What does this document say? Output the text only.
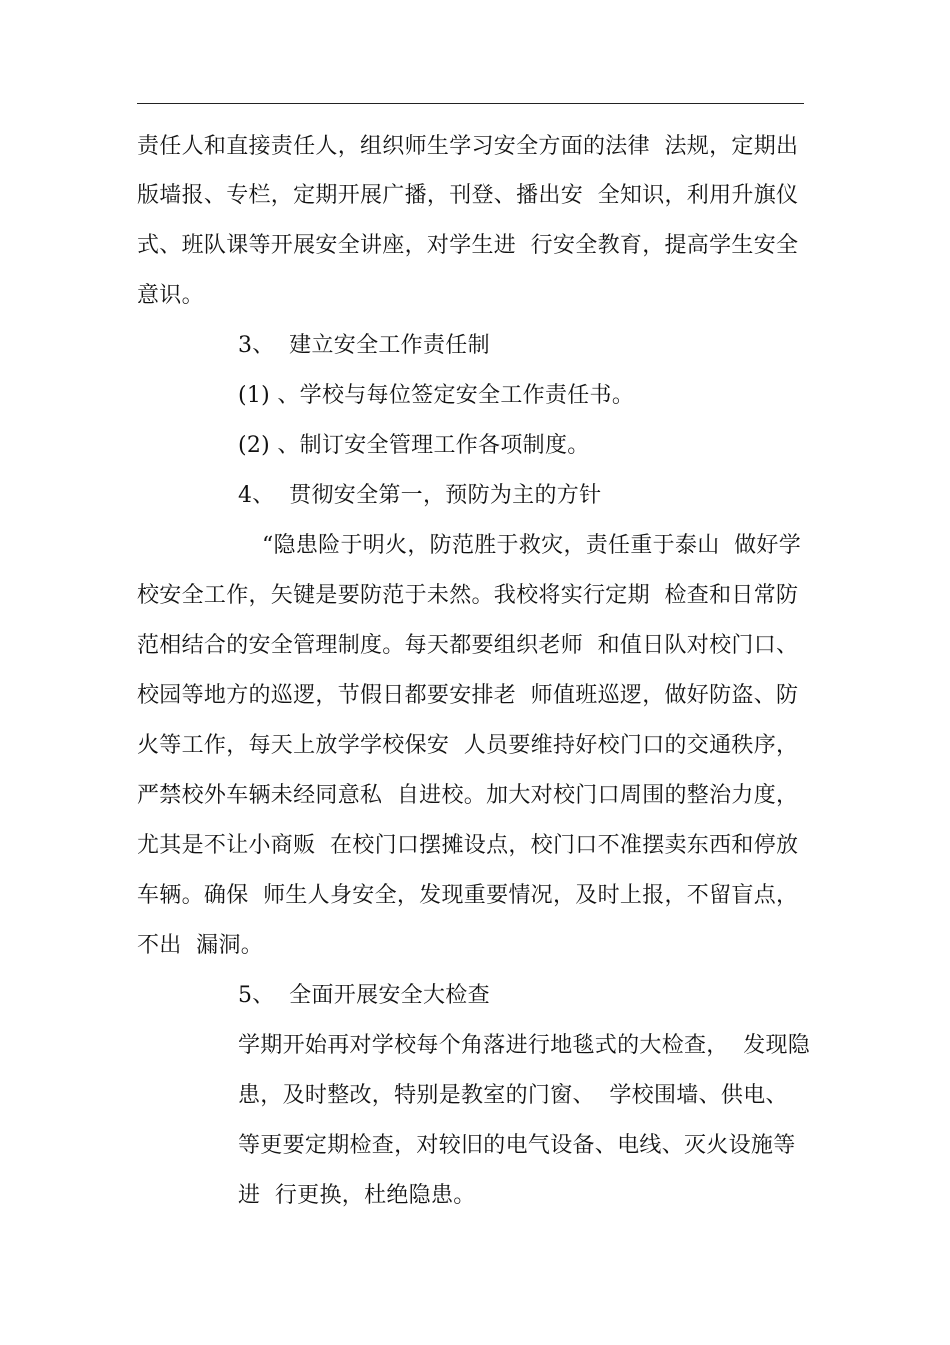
责任人和直接责任人，组织师生学习安全方面的法律  法规，定期出
版墙报、专栏，定期开展广播，刊登、播出安  全知识，利用升旗仪
式、班队课等开展安全讲座，对学生进  行安全教育，提高学生安全
意识。
3、  建立安全工作责任制
(1) 、学校与每位签定安全工作责任书。
(2) 、制订安全管理工作各项制度。
4、  贯彻安全第一，预防为主的方针
“隐患险于明火，防范胜于救灾，责任重于泰山  做好学
校安全工作，矢键是要防范于未然。我校将实行定期  检查和日常防
范相结合的安全管理制度。每天都要组织老师  和值日队对校门口、
校园等地方的巡逻，节假日都要安排老  师值班巡逻，做好防盗、防
火等工作，每天上放学学校保安  人员要维持好校门口的交通秩序，
严禁校外车辆未经同意私  自进校。加大对校门口周围的整治力度，
尤其是不让小商贩  在校门口摆摊设点，校门口不准摆卖东西和停放
车辆。确保  师生人身安全，发现重要情况，及时上报，不留盲点，
不出  漏洞。
5、  全面开展安全大检查
学期开始再对学校每个角落进行地毯式的大检查，  发现隐
患，及时整改，特别是教室的门窗、  学校围墙、供电、
等更要定期检查，对较旧的电气设备、电线、灭火设施等
进  行更换，杜绝隐患。
